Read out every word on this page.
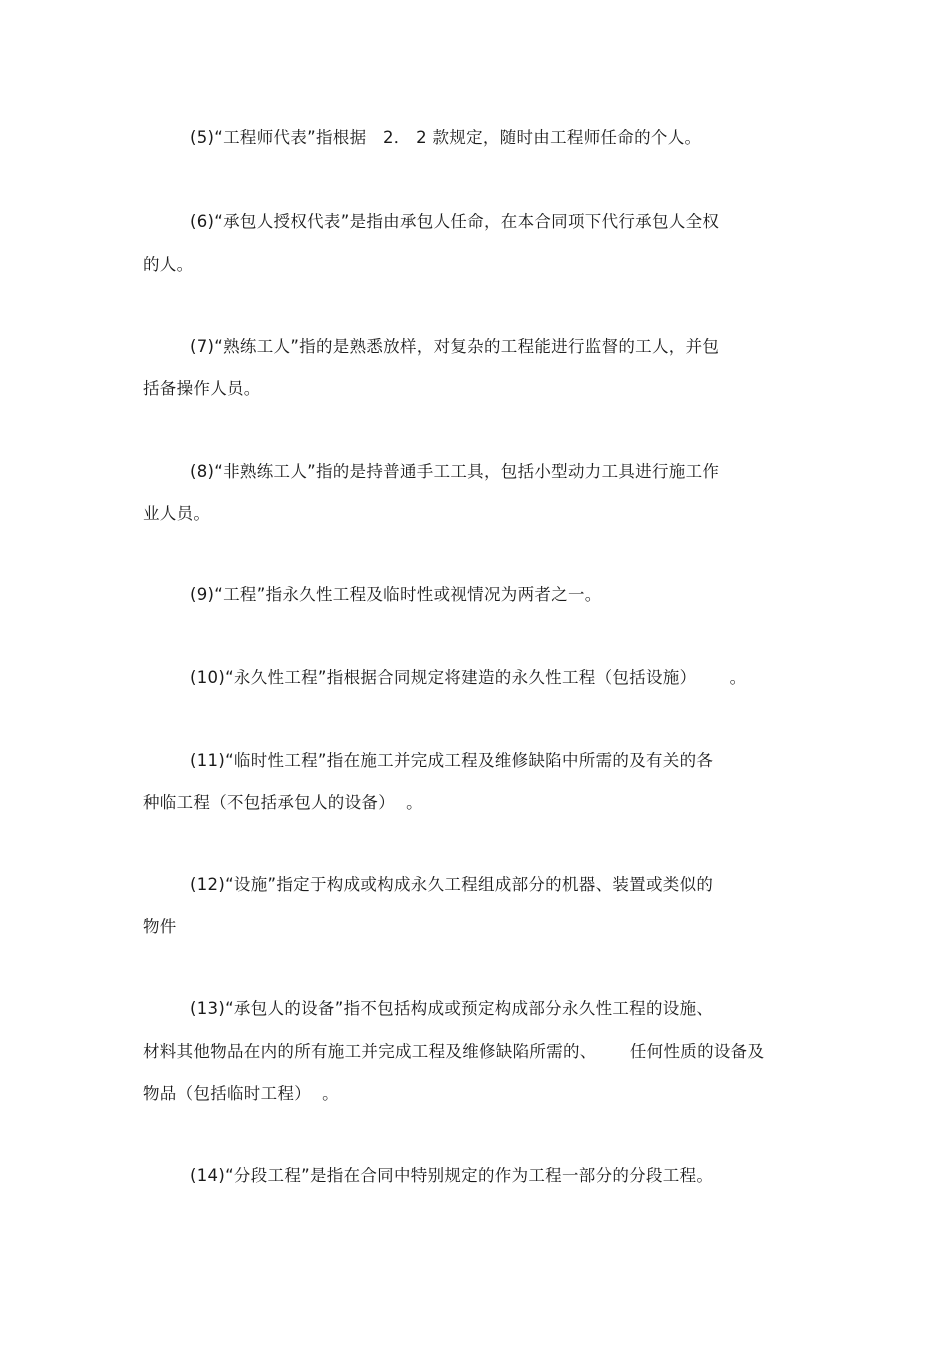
(5)“工程师代表”指根据   2． 2 款规定，随时由工程师任命的个人。
(6)“承包人授权代表”是指由承包人任命，在本合同项下代行承包人全权
的人。
(7)“熟练工人”指的是熟悉放样，对复杂的工程能进行监督的工人，并包
括备操作人员。
(8)“非熟练工人”指的是持普通手工工具，包括小型动力工具进行施工作
业人员。
(9)“工程”指永久性工程及临时性或视情况为两者之一。
(10)“永久性工程”指根据合同规定将建造的永久性工程（包括设施）      。
(11)“临时性工程”指在施工并完成工程及维修缺陷中所需的及有关的各
种临工程（不包括承包人的设备）  。
(12)“设施”指定于构成或构成永久工程组成部分的机器、装置或类似的
物件
(13)“承包人的设备”指不包括构成或预定构成部分永久性工程的设施、
材料其他物品在内的所有施工并完成工程及维修缺陷所需的、      任何性质的设备及
物品（包括临时工程）  。
(14)“分段工程”是指在合同中特别规定的作为工程一部分的分段工程。
